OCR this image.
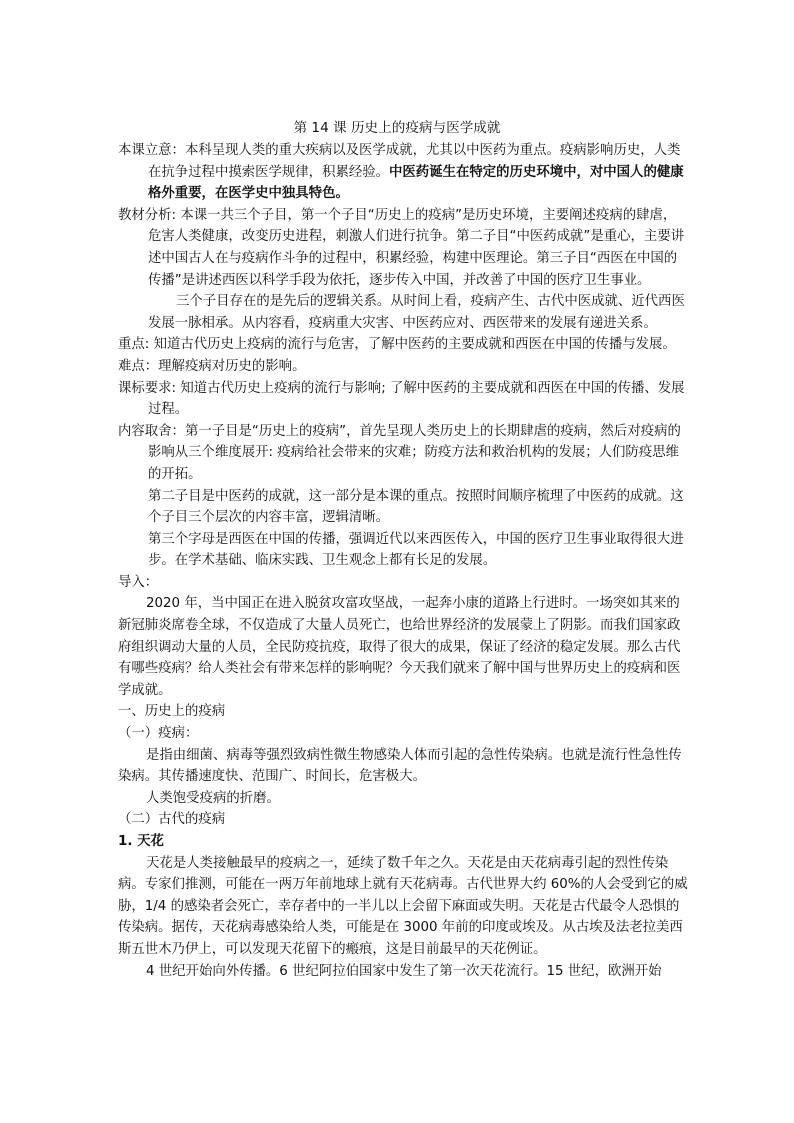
第 14 课 历史上的疫病与医学成就

本课立意：本科呈现人类的重大疾病以及医学成就，尤其以中医药为重点。疫病影响历史，人类在抗争过程中摸索医学规律，积累经验。中医药诞生在特定的历史环境中，对中国人的健康格外重要，在医学史中独具特色。

教材分析: 本课一共三个子目，第一个子目“历史上的疫病”是历史环境，主要阐述疫病的肆虐，危害人类健康，改变历史进程，刺激人们进行抗争。第二子目“中医药成就”是重心，主要讲述中国古人在与疫病作斗争的过程中，积累经验，构建中医理论。第三子目“西医在中国的传播”是讲述西医以科学手段为依托，逐步传入中国，并改善了中国的医疗卫生事业。

三个子目存在的是先后的逻辑关系。从时间上看，疫病产生、古代中医成就、近代西医发展一脉相承。从内容看，疫病重大灾害、中医药应对、西医带来的发展有递进关系。

重点: 知道古代历史上疫病的流行与危害，了解中医药的主要成就和西医在中国的传播与发展。

难点：理解疫病对历史的影响。

课标要求: 知道古代历史上疫病的流行与影响; 了解中医药的主要成就和西医在中国的传播、发展过程。

内容取舍：第一子目是“历史上的疫病”，首先呈现人类历史上的长期肆虐的疫病，然后对疫病的影响从三个维度展开: 疫病给社会带来的灾难；防疫方法和救治机构的发展；人们防疫思维的开拓。

第二子目是中医药的成就，这一部分是本课的重点。按照时间顺序梳理了中医药的成就。这个子目三个层次的内容丰富，逻辑清晰。

第三个字母是西医在中国的传播，强调近代以来西医传入，中国的医疗卫生事业取得很大进步。在学术基础、临床实践、卫生观念上都有长足的发展。

导入：

2020 年，当中国正在进入脱贫攻富攻坚战，一起奔小康的道路上行进时。一场突如其来的新冠肺炎席卷全球，不仅造成了大量人员死亡，也给世界经济的发展蒙上了阴影。而我们国家政府组织调动大量的人员，全民防疫抗疫，取得了很大的成果，保证了经济的稳定发展。那么古代有哪些疫病？给人类社会有带来怎样的影响呢？今天我们就来了解中国与世界历史上的疫病和医学成就。

一、历史上的疫病

（一）疫病：

是指由细菌、病毒等强烈致病性微生物感染人体而引起的急性传染病。也就是流行性急性传染病。其传播速度快、范围广、时间长，危害极大。

人类饱受疫病的折磨。

（二）古代的疫病

1. 天花

天花是人类接触最早的疫病之一，延续了数千年之久。天花是由天花病毒引起的烈性传染病。专家们推测，可能在一两万年前地球上就有天花病毒。古代世界大约 60%的人会受到它的威胁，1/4 的感染者会死亡，幸存者中的一半儿以上会留下麻面或失明。天花是古代最令人恐惧的传染病。据传，天花病毒感染给人类，可能是在 3000 年前的印度或埃及。从古埃及法老拉美西斯五世木乃伊上，可以发现天花留下的瘢痕，这是目前最早的天花例证。

4 世纪开始向外传播。6 世纪阿拉伯国家中发生了第一次天花流行。15 世纪，欧洲开始
